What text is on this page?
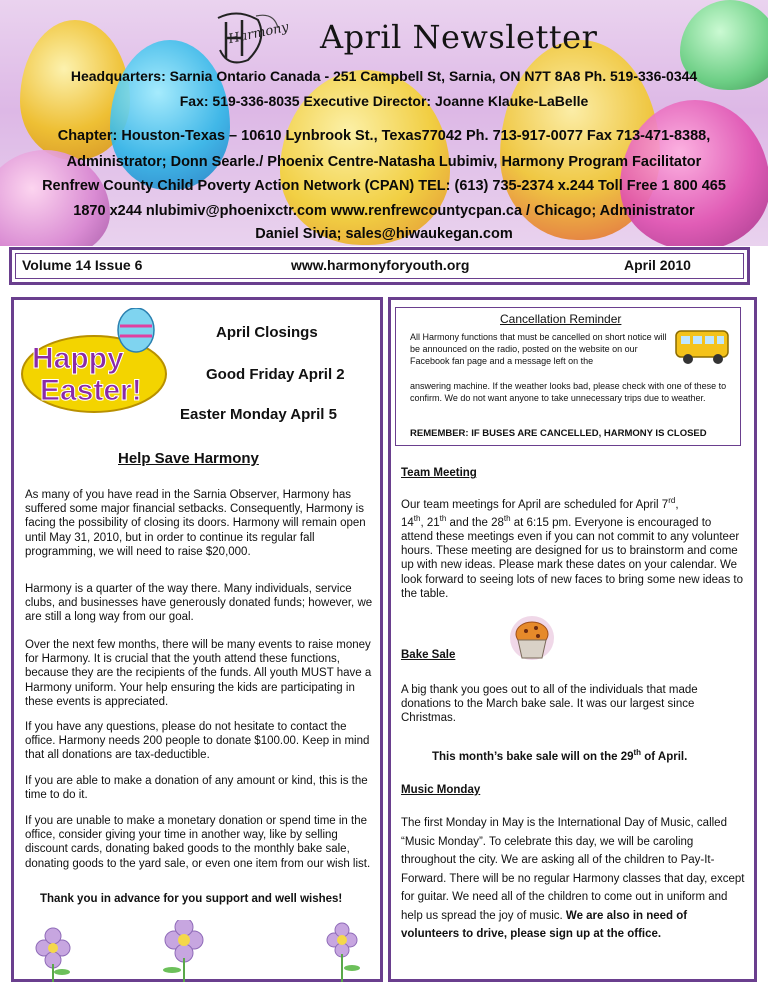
Harmony April Newsletter
Headquarters: Sarnia Ontario Canada - 251 Campbell St, Sarnia, ON N7T 8A8 Ph. 519-336-0344
Fax: 519-336-8035 Executive Director: Joanne Klauke-LaBelle
Chapter: Houston-Texas – 10610 Lynbrook St., Texas77042 Ph. 713-917-0077 Fax 713-471-8388,
Administrator; Donn Searle./ Phoenix Centre-Natasha Lubimiv, Harmony Program Facilitator
Renfrew County Child Poverty Action Network (CPAN) TEL: (613) 735-2374 x.244 Toll Free 1 800 465
1870 x244 nlubimiv@phoenixctr.com www.renfrewcountycpan.ca / Chicago; Administrator
Daniel Sivia; sales@hiwaukegan.com
Volume 14 Issue 6	www.harmonyforyouth.org	April 2010
Happy
Easter!
April Closings
Good Friday April 2
Easter Monday April 5
Help Save Harmony

As many of you have read in the Sarnia Observer, Harmony has suffered some major financial setbacks. Consequently, Harmony is facing the possibility of closing its doors. Harmony will remain open until May 31, 2010, but in order to continue its regular fall programming, we will need to raise $20,000.

Harmony is a quarter of the way there. Many individuals, service clubs, and businesses have generously donated funds; however, we are still a long way from our goal.

Over the next few months, there will be many events to raise money for Harmony. It is crucial that the youth attend these functions, because they are the recipients of the funds. All youth MUST have a Harmony uniform. Your help ensuring the kids are participating in these events is appreciated.

If you have any questions, please do not hesitate to contact the office. Harmony needs 200 people to donate $100.00. Keep in mind that all donations are tax-deductible.

If you are able to make a donation of any amount or kind, this is the time to do it.

If you are unable to make a monetary donation or spend time in the office, consider giving your time in another way, like by selling discount cards, donating baked goods to the monthly bake sale, donating goods to the yard sale, or even one item from our wish list.

Thank you in advance for you support and well wishes!
Cancellation Reminder

All Harmony functions that must be cancelled on short notice will be announced on the radio, posted on the website on our Facebook fan page and a message left on the

answering machine. If the weather looks bad, please check with one of these to confirm. We do not want anyone to take unnecessary trips due to weather.

REMEMBER: IF BUSES ARE CANCELLED, HARMONY IS CLOSED
Team Meeting

Our team meetings for April are scheduled for April 7rd,
14th, 21th and the 28th at 6:15 pm. Everyone is encouraged to attend these meetings even if you can not commit to any volunteer hours. These meeting are designed for us to brainstorm and come up with new ideas. Please mark these dates on your calendar. We look forward to seeing lots of new faces to bring some new ideas to the table.

Bake Sale

A big thank you goes out to all of the individuals that made donations to the March bake sale. It was our largest since Christmas.

This month’s bake sale will on the 29th of April.
Music Monday

The first Monday in May is the International Day of Music, called “Music Monday”. To celebrate this day, we will be caroling throughout the city. We are asking all of the children to Pay-It-Forward. There will be no regular Harmony classes that day, except for guitar. We need all of the children to come out in uniform and help us spread the joy of music. We are also in need of volunteers to drive, please sign up at the office.
